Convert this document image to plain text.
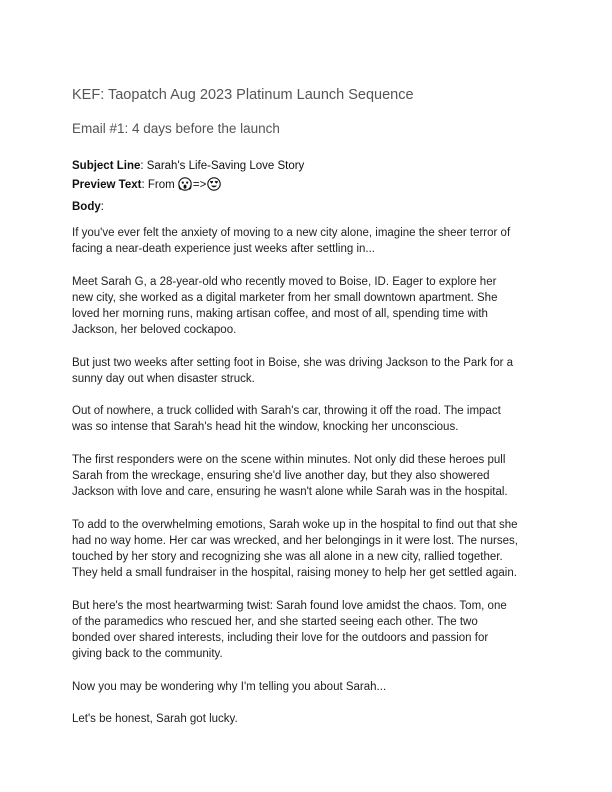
KEF: Taopatch Aug 2023 Platinum Launch Sequence
Email #1: 4 days before the launch
Subject Line: Sarah's Life-Saving Love Story
Preview Text: From =>
Body:

If you've ever felt the anxiety of moving to a new city alone, imagine the sheer terror of
facing a near-death experience just weeks after settling in...

Meet Sarah G, a 28-year-old who recently moved to Boise, ID. Eager to explore her
new city, she worked as a digital marketer from her small downtown apartment. She
loved her morning runs, making artisan coffee, and most of all, spending time with
Jackson, her beloved cockapoo.

But just two weeks after setting foot in Boise, she was driving Jackson to the Park for a
sunny day out when disaster struck.

Out of nowhere, a truck collided with Sarah's car, throwing it off the road. The impact
was so intense that Sarah's head hit the window, knocking her unconscious.

The first responders were on the scene within minutes. Not only did these heroes pull
Sarah from the wreckage, ensuring she'd live another day, but they also showered
Jackson with love and care, ensuring he wasn't alone while Sarah was in the hospital.

To add to the overwhelming emotions, Sarah woke up in the hospital to find out that she
had no way home. Her car was wrecked, and her belongings in it were lost. The nurses,
touched by her story and recognizing she was all alone in a new city, rallied together.
They held a small fundraiser in the hospital, raising money to help her get settled again.

But here's the most heartwarming twist: Sarah found love amidst the chaos. Tom, one
of the paramedics who rescued her, and she started seeing each other. The two
bonded over shared interests, including their love for the outdoors and passion for
giving back to the community.

Now you may be wondering why I'm telling you about Sarah...

Let's be honest, Sarah got lucky.
